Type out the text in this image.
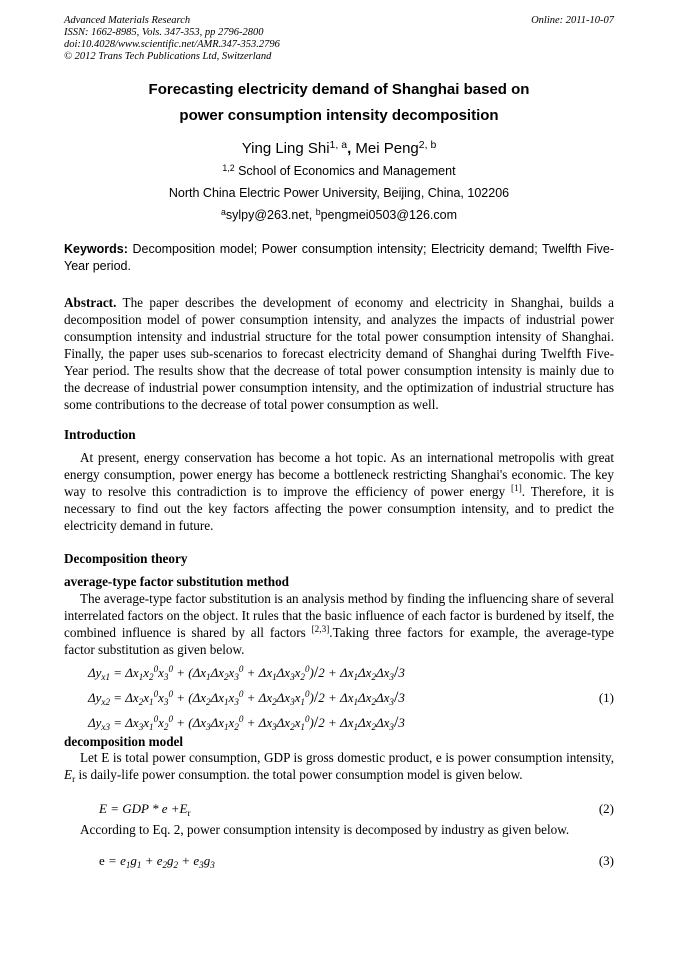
Advanced Materials Research
ISSN: 1662-8985, Vols. 347-353, pp 2796-2800
doi:10.4028/www.scientific.net/AMR.347-353.2796
© 2012 Trans Tech Publications Ltd, Switzerland
Online: 2011-10-07
Forecasting electricity demand of Shanghai based on
power consumption intensity decomposition
Ying Ling Shi$^{1, a}$, Mei Peng$^{2, b}$
$^{1,2}$ School of Economics and Management
North China Electric Power University, Beijing, China, 102206
$^a$sylpy@263.net, $^b$pengmei0503@126.com
Keywords: Decomposition model; Power consumption intensity; Electricity demand; Twelfth Five-Year period.
Abstract. The paper describes the development of economy and electricity in Shanghai, builds a decomposition model of power consumption intensity, and analyzes the impacts of industrial power consumption intensity and industrial structure for the total power consumption intensity of Shanghai. Finally, the paper uses sub-scenarios to forecast electricity demand of Shanghai during Twelfth Five-Year period. The results show that the decrease of total power consumption intensity is mainly due to the decrease of industrial power consumption intensity, and the optimization of industrial structure has some contributions to the decrease of total power consumption as well.
Introduction
At present, energy conservation has become a hot topic. As an international metropolis with great energy consumption, power energy has become a bottleneck restricting Shanghai's economic. The key way to resolve this contradiction is to improve the efficiency of power energy [1]. Therefore, it is necessary to find out the key factors affecting the power consumption intensity, and to predict the electricity demand in future.
Decomposition theory
average-type factor substitution method
The average-type factor substitution is an analysis method by finding the influencing share of several interrelated factors on the object. It rules that the basic influence of each factor is burdened by itself, the combined influence is shared by all factors [2,3].Taking three factors for example, the average-type factor substitution as given below.
$\Delta y_{x1} = \Delta x_1x_2^0x_3^0 + (\Delta x_1\Delta x_2x_3^0 + \Delta x_1\Delta x_3x_2^0)/2 + \Delta x_1\Delta x_2\Delta x_3/3$
$\Delta y_{x2} = \Delta x_2x_1^0x_3^0 + (\Delta x_2\Delta x_1x_3^0 + \Delta x_2\Delta x_3x_1^0)/2 + \Delta x_1\Delta x_2\Delta x_3/3$
$\Delta y_{x3} = \Delta x_3x_1^0x_2^0 + (\Delta x_3\Delta x_1x_2^0 + \Delta x_3\Delta x_2x_1^0)/2 + \Delta x_1\Delta x_2\Delta x_3/3$
(1)
decomposition model
Let E is total power consumption, GDP is gross domestic product, e is power consumption intensity, $E_r$ is daily-life power consumption. the total power consumption model is given below.
E = GDP * $e +E_r$	(2)
According to Eq. 2, power consumption intensity is decomposed by industry as given below.
$e = e_1g_1 + e_2g_2 + e_3g_3$	(3)
